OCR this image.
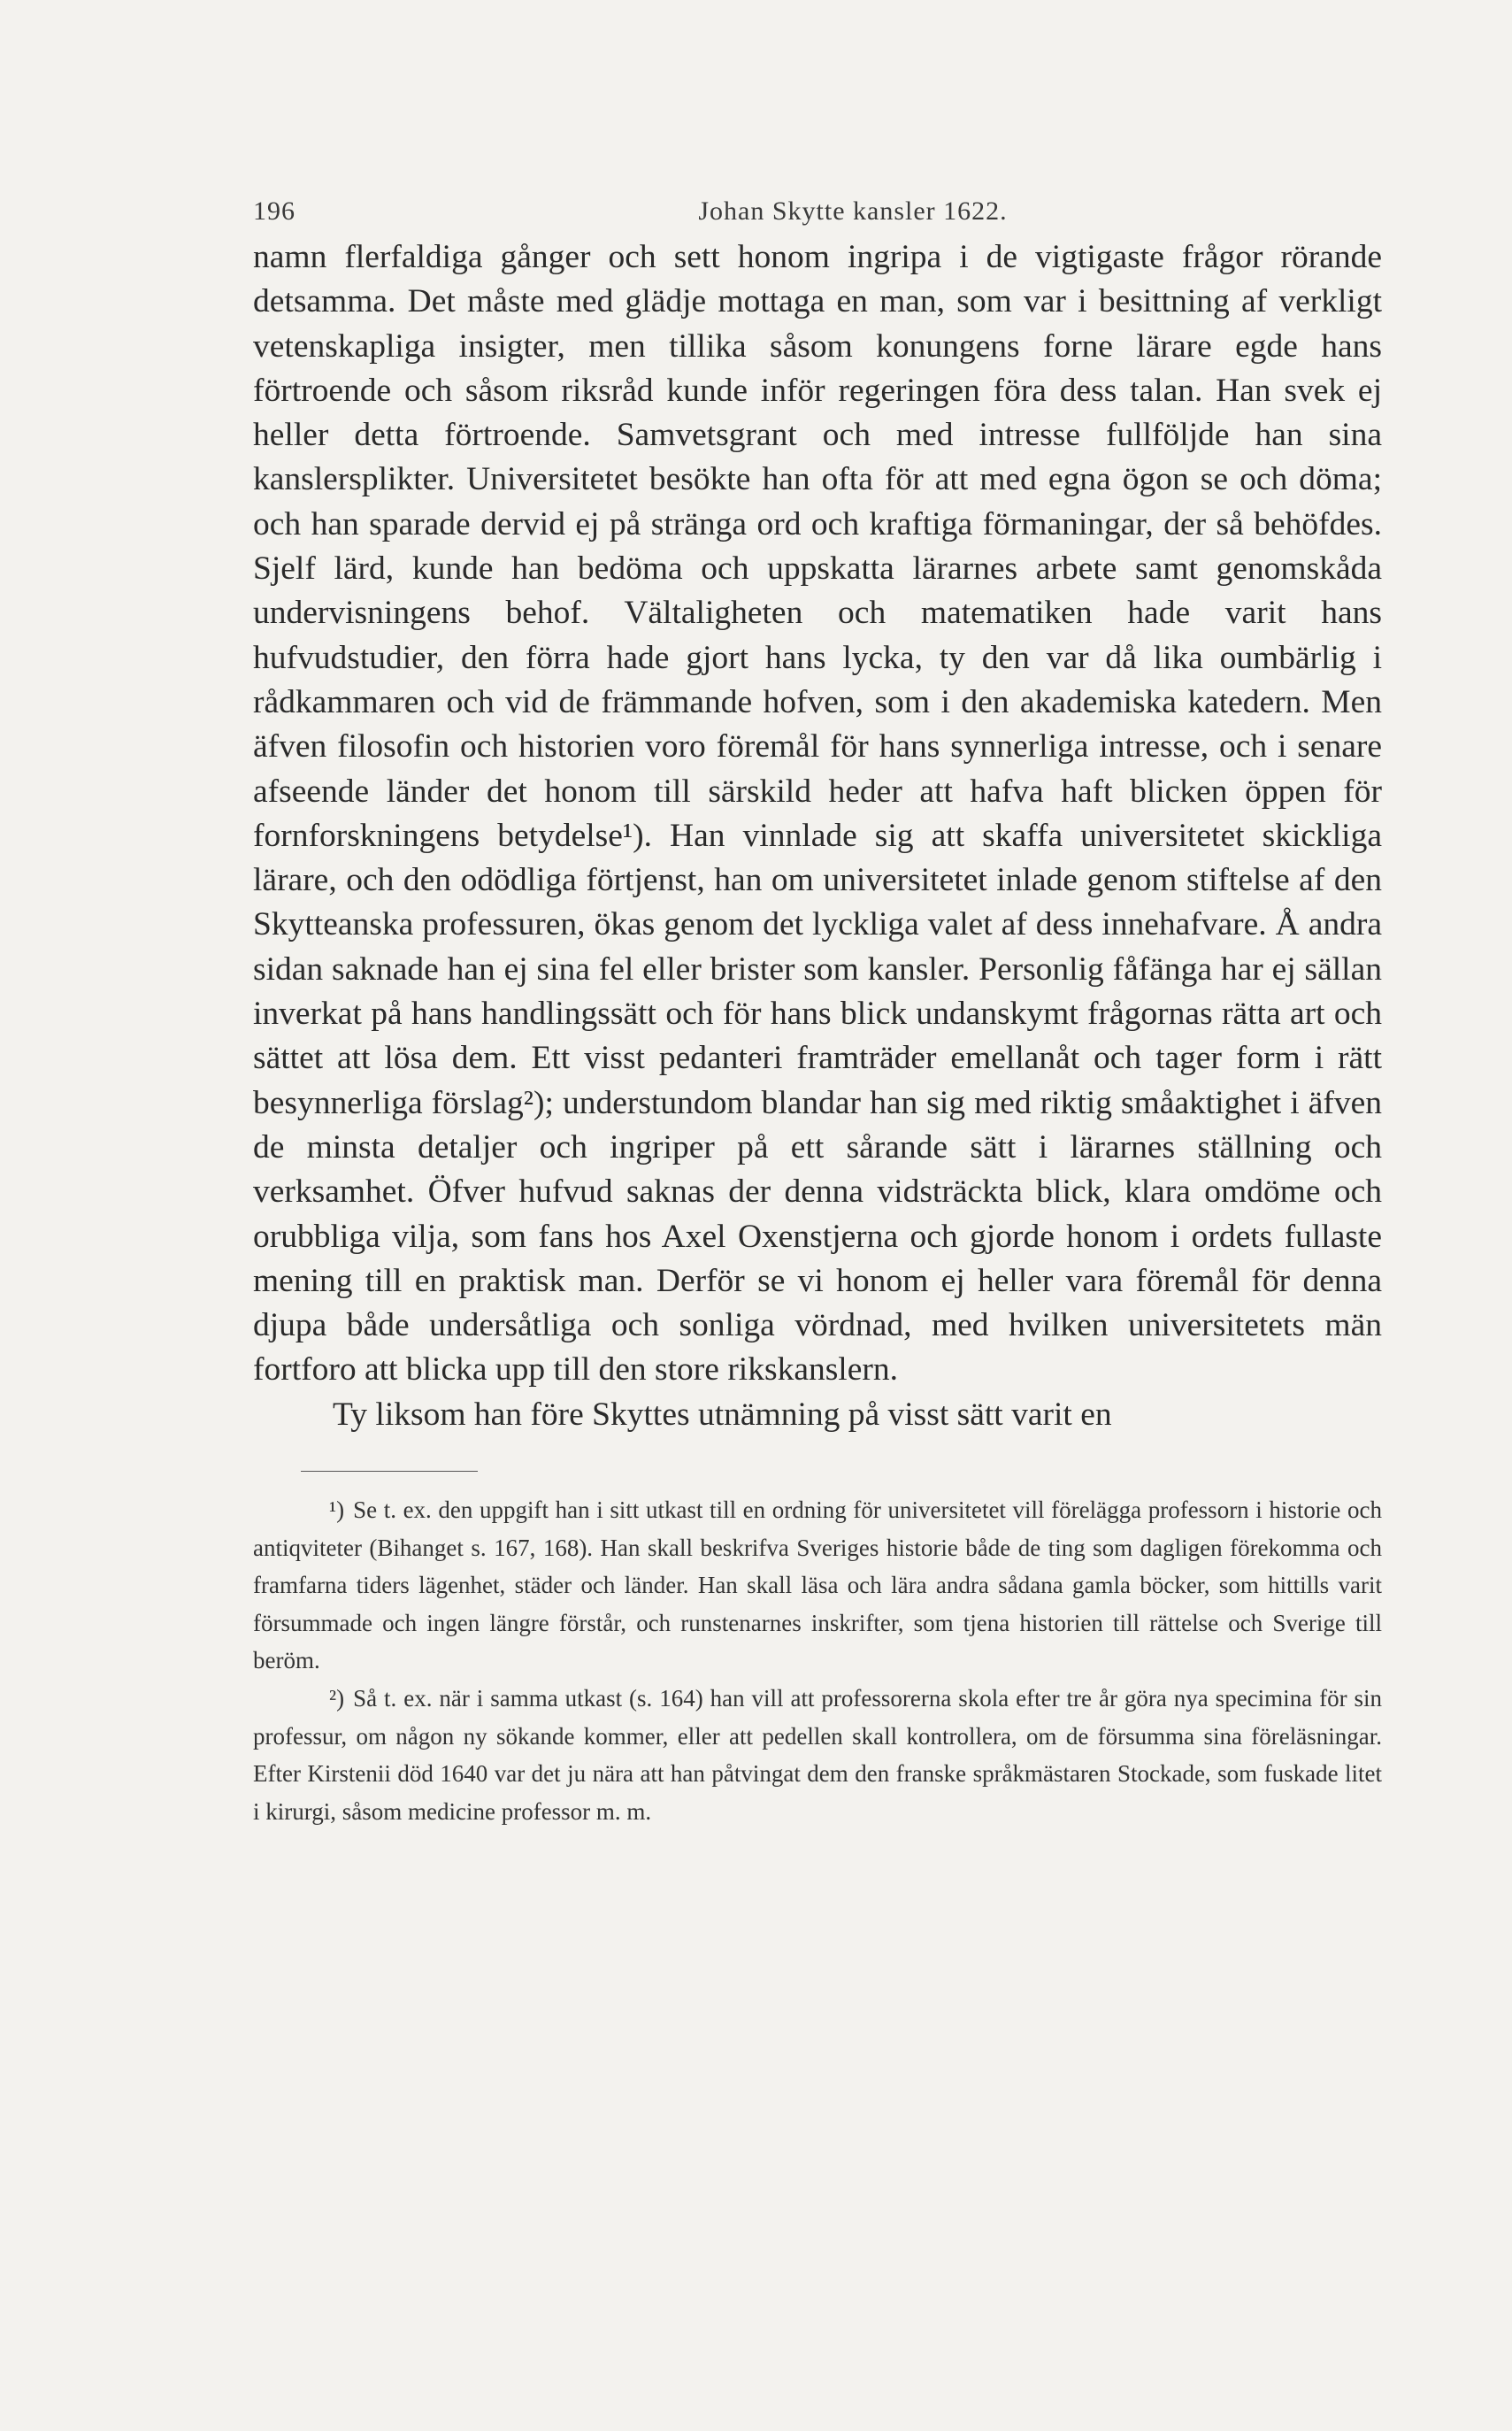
196	Johan Skytte kansler 1622.

namn flerfaldiga gånger och sett honom ingripa i de vigtigaste frågor rörande detsamma. Det måste med glädje mottaga en man, som var i besittning af verkligt vetenskapliga insigter, men tillika såsom konungens forne lärare egde hans förtroende och såsom riksråd kunde inför regeringen föra dess talan. Han svek ej heller detta förtroende. Samvetsgrant och med intresse fullföljde han sina kanslersplikter. Universitetet besökte han ofta för att med egna ögon se och döma; och han sparade dervid ej på stränga ord och kraftiga förmaningar, der så behöfdes. Sjelf lärd, kunde han bedöma och uppskatta lärarnes arbete samt genomskåda undervisningens behof. Vältaligheten och matematiken hade varit hans hufvudstudier, den förra hade gjort hans lycka, ty den var då lika oumbärlig i rådkammaren och vid de främmande hofven, som i den akademiska katedern. Men äfven filosofin och historien voro föremål för hans synnerliga intresse, och i senare afseende länder det honom till särskild heder att hafva haft blicken öppen för fornforskningens betydelse¹). Han vinnlade sig att skaffa universitetet skickliga lärare, och den odödliga förtjenst, han om universitetet inlade genom stiftelse af den Skytteanska professuren, ökas genom det lyckliga valet af dess innehafvare. Å andra sidan saknade han ej sina fel eller brister som kansler. Personlig fåfänga har ej sällan inverkat på hans handlingssätt och för hans blick undanskymt frågornas rätta art och sättet att lösa dem. Ett visst pedanteri framträder emellanåt och tager form i rätt besynnerliga förslag²); understundom blandar han sig med riktig småaktighet i äfven de minsta detaljer och ingriper på ett sårande sätt i lärarnes ställning och verksamhet. Öfver hufvud saknas der denna vidsträckta blick, klara omdöme och orubbliga vilja, som fans hos Axel Oxenstjerna och gjorde honom i ordets fullaste mening till en praktisk man. Derför se vi honom ej heller vara föremål för denna djupa både undersåtliga och sonliga vördnad, med hvilken universitetets män fortforo att blicka upp till den store rikskanslern.

Ty liksom han före Skyttes utnämning på visst sätt varit en

¹) Se t. ex. den uppgift han i sitt utkast till en ordning för universitetet vill förelägga professorn i historie och antiqviteter (Bihanget s. 167, 168). Han skall beskrifva Sveriges historie både de ting som dagligen förekomma och framfarna tiders lägenhet, städer och länder. Han skall läsa och lära andra sådana gamla böcker, som hittills varit försummade och ingen längre förstår, och runstenarnes inskrifter, som tjena historien till rättelse och Sverige till beröm.

²) Så t. ex. när i samma utkast (s. 164) han vill att professorerna skola efter tre år göra nya specimina för sin professur, om någon ny sökande kommer, eller att pedellen skall kontrollera, om de försumma sina föreläsningar. Efter Kirstenii död 1640 var det ju nära att han påtvingat dem den franske språkmästaren Stockade, som fuskade litet i kirurgi, såsom medicine professor m. m.
